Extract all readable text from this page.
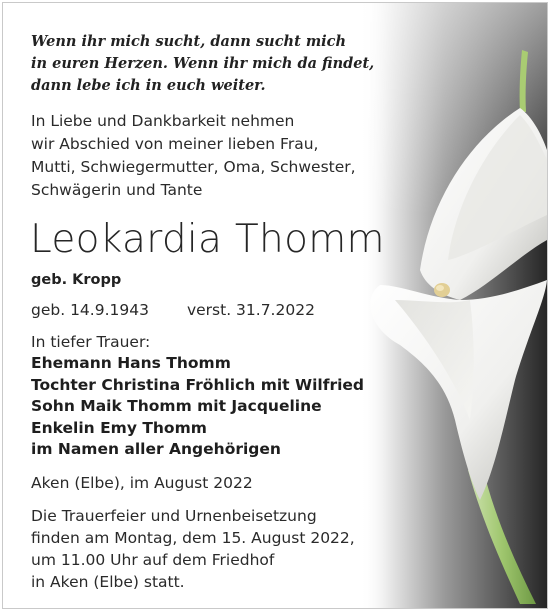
Wenn ihr mich sucht, dann sucht mich
in euren Herzen. Wenn ihr mich da findet,
dann lebe ich in euch weiter.

In Liebe und Dankbarkeit nehmen
wir Abschied von meiner lieben Frau,
Mutti, Schwiegermutter, Oma, Schwester,
Schwägerin und Tante

Leokardia Thomm
geb. Kropp
geb. 14.9.1943 verst. 31.7.2022
In tiefer Trauer:
Ehemann Hans Thomm
Tochter Christina Fröhlich mit Wilfried
Sohn Maik Thomm mit Jacqueline
Enkelin Emy Thomm
im Namen aller Angehörigen
Aken (Elbe), im August 2022

Die Trauerfeier und Urnenbeisetzung
finden am Montag, dem 15. August 2022,
um 11.00 Uhr auf dem Friedhof
in Aken (Elbe) statt.
